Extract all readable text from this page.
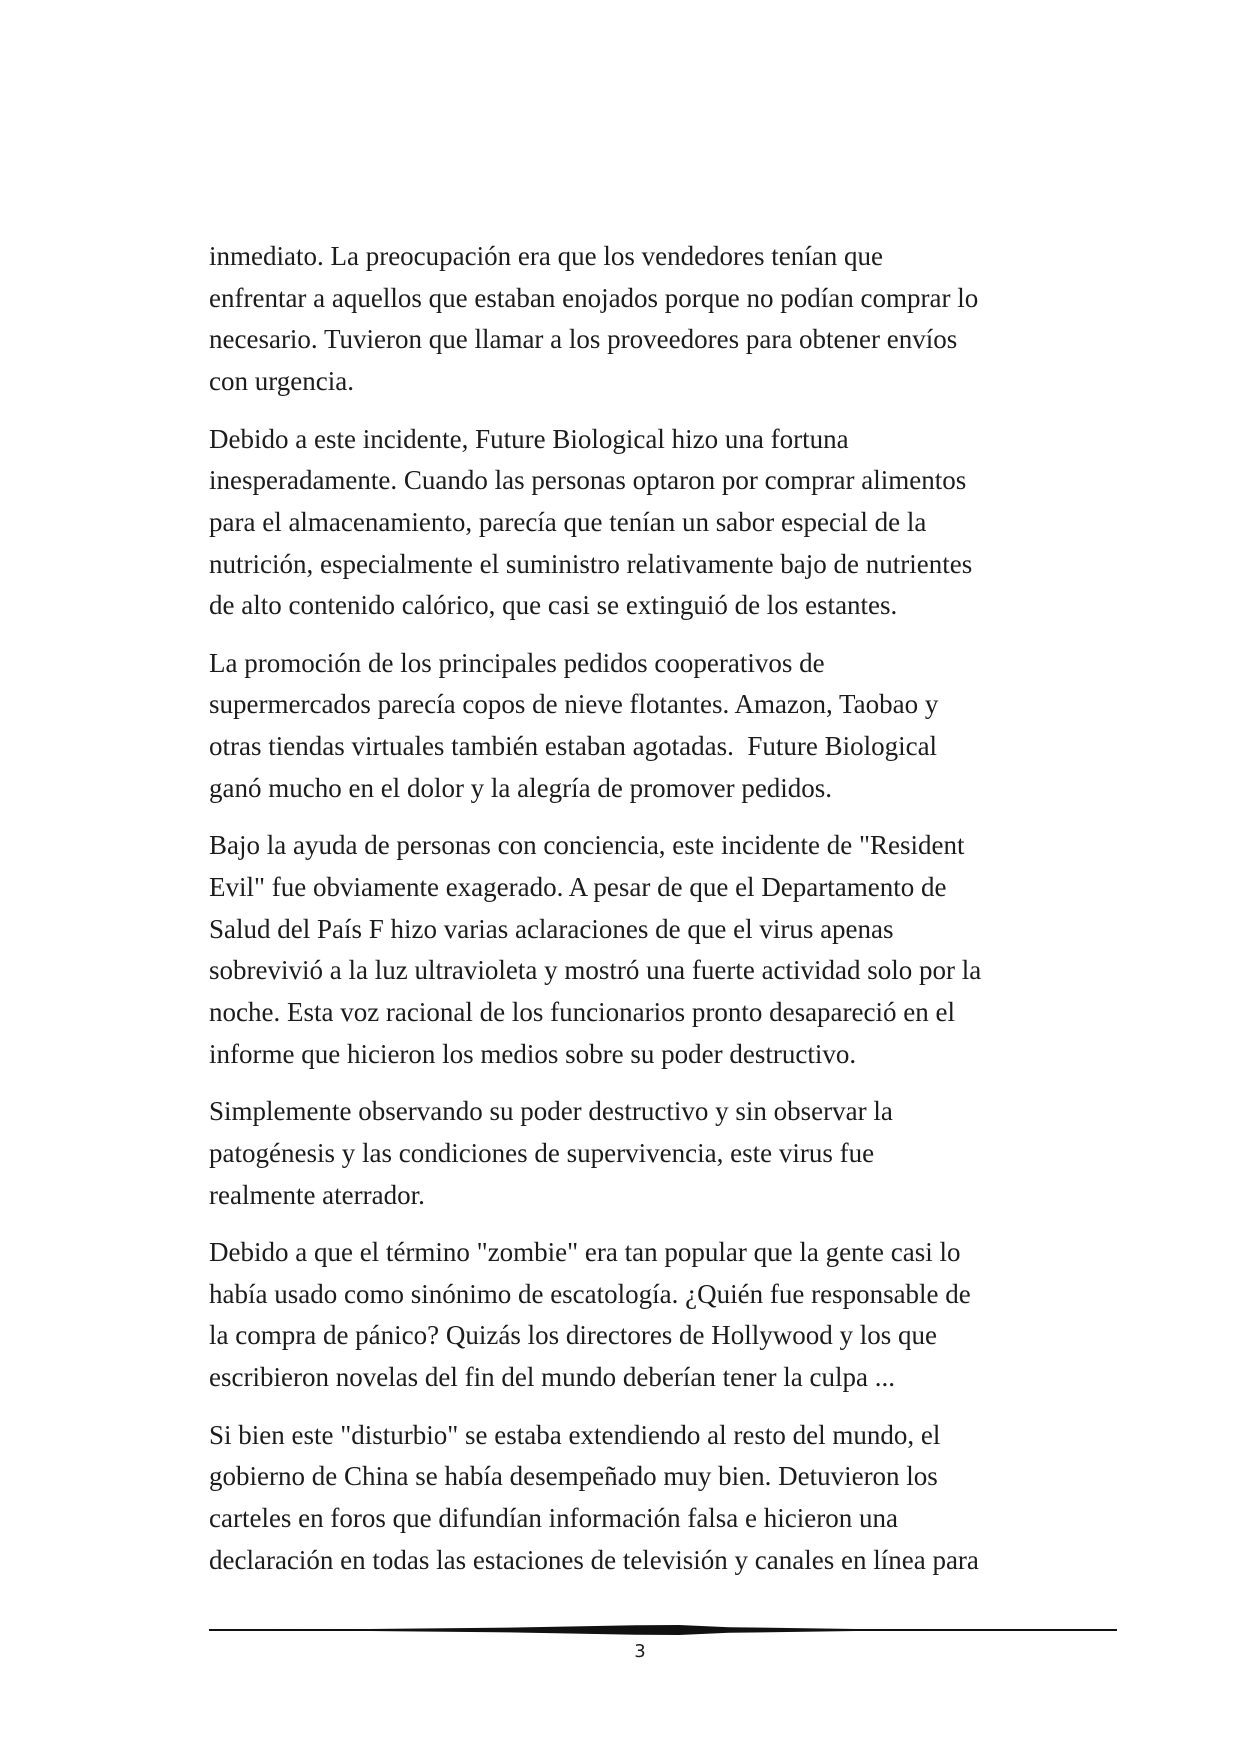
inmediato. La preocupación era que los vendedores tenían que
enfrentar a aquellos que estaban enojados porque no podían comprar lo
necesario. Tuvieron que llamar a los proveedores para obtener envíos
con urgencia.
Debido a este incidente, Future Biological hizo una fortuna
inesperadamente. Cuando las personas optaron por comprar alimentos
para el almacenamiento, parecía que tenían un sabor especial de la
nutrición, especialmente el suministro relativamente bajo de nutrientes
de alto contenido calórico, que casi se extinguió de los estantes.
La promoción de los principales pedidos cooperativos de
supermercados parecía copos de nieve flotantes. Amazon, Taobao y
otras tiendas virtuales también estaban agotadas.  Future Biological
ganó mucho en el dolor y la alegría de promover pedidos.
Bajo la ayuda de personas con conciencia, este incidente de "Resident
Evil" fue obviamente exagerado. A pesar de que el Departamento de
Salud del País F hizo varias aclaraciones de que el virus apenas
sobrevivió a la luz ultravioleta y mostró una fuerte actividad solo por la
noche. Esta voz racional de los funcionarios pronto desapareció en el
informe que hicieron los medios sobre su poder destructivo.
Simplemente observando su poder destructivo y sin observar la
patogénesis y las condiciones de supervivencia, este virus fue
realmente aterrador.
Debido a que el término "zombie" era tan popular que la gente casi lo
había usado como sinónimo de escatología. ¿Quién fue responsable de
la compra de pánico? Quizás los directores de Hollywood y los que
escribieron novelas del fin del mundo deberían tener la culpa ...
Si bien este "disturbio" se estaba extendiendo al resto del mundo, el
gobierno de China se había desempeñado muy bien. Detuvieron los
carteles en foros que difundían información falsa e hicieron una
declaración en todas las estaciones de televisión y canales en línea para
3
